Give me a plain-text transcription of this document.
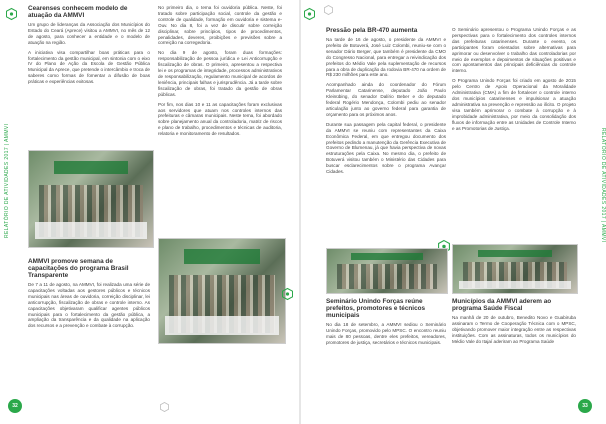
Cearenses conhecem modelo de atuação da AMMVI

Um grupo de lideranças da Associação dos Municípios do Estado do Ceará (Aprece) visitou a AMMVI, no mês de 12 de agosto, para conhecer a entidade e o modelo de atuação na região.

A iniciativa visa compartilhar boas práticas para o fortalecimento da gestão municipal, em sintonia com o eixo IV do Plano de Ação da Escola de Gestão Pública Municipal da Aprece, que pretende o intercâmbio e troca de saberes como formas de fomentar a difusão de boas práticas e experiências exitosas.

AMMVI promove semana de capacitações do programa Brasil Transparente

De 7 a 11 de agosto, na AMMVI, foi realizada uma série de capacitações voltadas aos gestores públicos e técnicos municipais nas áreas de ouvidoria, correição disciplinar, lei anticorrupção, fiscalização de obras e controle interno. As capacitações objetivaram qualificar agentes públicos municipais para o fortalecimento da gestão pública, a ampliação da transparência e da qualidade na aplicação dos recursos e a prevenção e combate à corrupção.

No primeiro dia, o tema foi ouvidoria pública. Neste, foi tratado sobre participação social, controle da gestão e controle de qualidade, formação em ouvidoria e sistema e-Ouv. No dia 8, foi a vez de discutir sobre correição disciplinar, sobre princípios, tipos de procedimentos, penalidades, deveres, proibições e previsões sobre a correição na corregedoria.

No dia 9 de agosto, foram duas formações: responsabilização de pessoa jurídica e Lei Anticorrupção e fiscalização de obras. O primeiro, apresentou a respectiva lei e os programas de integridade, processos administrativos de responsabilização, regulamento municipal de acordos de leniência, principais falhas e jurisprudência. Já a tarde sobre fiscalização de obras, foi tratado da gestão de obras públicas.

Por fim, nos dias 10 e 11 as capacitações foram exclusivas aos servidores que atuam nos controles internos das prefeituras e câmaras municipais. Neste tema, foi abordado sobre planejamento anual da controladoria, matriz de riscos e plano de trabalho, procedimentos e técnicas de auditoria, relatoria e monitoramento de resultados.

Pressão pela BR-470 aumenta

Na tarde de 16 de agosto, o presidente da AMMVI e prefeito de Botuverá, José Luiz Colombi, reuniu-se com o senador Dário Berger, que também é presidente da CMO do Congresso Nacional, para entregar a reivindicação dos prefeitos do Médio Vale pela suplementação de recursos para a obra de duplicação da rodovia BR-470 na ordem de R$ 230 milhões para este ano.

Acompanhado ainda do coordenador do Fórum Parlamentar Catarinense, deputado João Paulo Kleinübing, do senador Dalírio Beber e do deputado federal Rogério Mendonça, Colombi pediu ao senador articulação junto ao governo federal para garantia de orçamento para os próximos anos.

Durante sua passagem pela capital federal, o presidente da AMMVI se reuniu com representantes da Caixa Econômica Federal, em que entregou documento dos prefeitos pedindo a manutenção da Gerência Executiva de Governo de Blumenau, já que havia perspectiva de novas estruturações pela Caixa. No mesmo dia, o prefeito de Botuverá visitou também o Ministério das Cidades para buscar esclarecimentos sobre o programa Avançar Cidades.

O Seminário apresentou o Programa Unindo Forças e as perspectivas para o fortalecimento dos controles internos das prefeituras catarinenses. Durante o evento, os participantes foram orientados sobre alternativas para aprimorar ou desenvolver o trabalho das controladorias por meio de exemplos e depoimentos de situações positivas e com apontamentos das principais deficiências do controle interno.

O Programa Unindo Forças foi criado em agosto de 2015 pelo Centro de Apoio Operacional da Moralidade Administrativa (CMA) a fim de fortalecer o controle interno dos municípios catarinenses e impulsionar a atuação administrativa na prevenção e repressão ao ilícito. O projeto visa também aprimorar o combate à corrupção e à improbidade administrativa, por meio da consolidação dos fluxos de informação entre as Unidades de Controle Interno e as Promotorias de Justiça.

Seminário Unindo Forças reúne prefeitos, promotores e técnicos municipais

No dia 18 de setembro, a AMMVI sediou o Seminário Unindo Forças, promovido pelo MPSC. O encontro reuniu mais de 80 pessoas, dentre eles prefeitos, vereadores, promotores de justiça, secretários e técnicos municipais.

Municípios da AMMVI aderem ao programa Saúde Fiscal

Na manhã de 20 de outubro, Benedito Novo e Guabiruba assinaram o Termo de Cooperação Técnica com o MPSC, objetivando promover maior integração entre as respectivas instituições. Com as assinaturas, todos os municípios do Médio Vale do Itajaí aderiram ao Programa Saúde

RELATÓRIO DE ATIVIDADES 2017 | AMMVI	RELATÓRIO DE ATIVIDADES 2017 | AMMVI
32	33
